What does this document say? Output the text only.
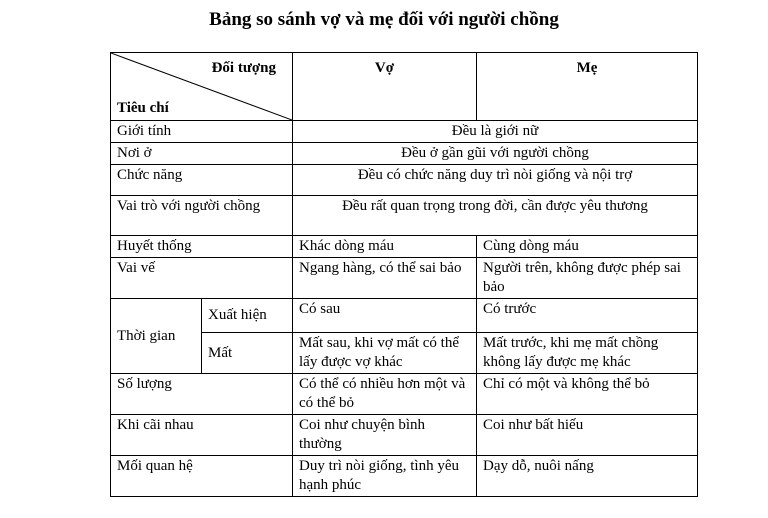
Bảng so sánh vợ và mẹ đối với người chồng
Đối tượng
Tiêu chí		Vợ	Mẹ
Giới tính		Đều là giới nữ	
Nơi ở		Đều ở gần gũi với người chồng	
Chức năng		Đều có chức năng duy trì nòi giống và nội trợ	
Vai trò với người chồng		Đều rất quan trọng trong đời, cần được yêu thương	
Huyết thống		Khác dòng máu	Cùng dòng máu
Vai vế		Ngang hàng, có thể sai bảo	Người trên, không được phép sai bảo
Thời gian	Xuất hiện	Có sau	Có trước
	Mất	Mất sau, khi vợ mất có thể lấy được vợ khác	Mất trước, khi mẹ mất chồng không lấy được mẹ khác
Số lượng		Có thể có nhiều hơn một và có thể bỏ	Chỉ có một và không thể bỏ
Khi cãi nhau		Coi như chuyện bình thường	Coi như bất hiếu
Mối quan hệ		Duy trì nòi giống, tình yêu hạnh phúc	Dạy dỗ, nuôi nấng
